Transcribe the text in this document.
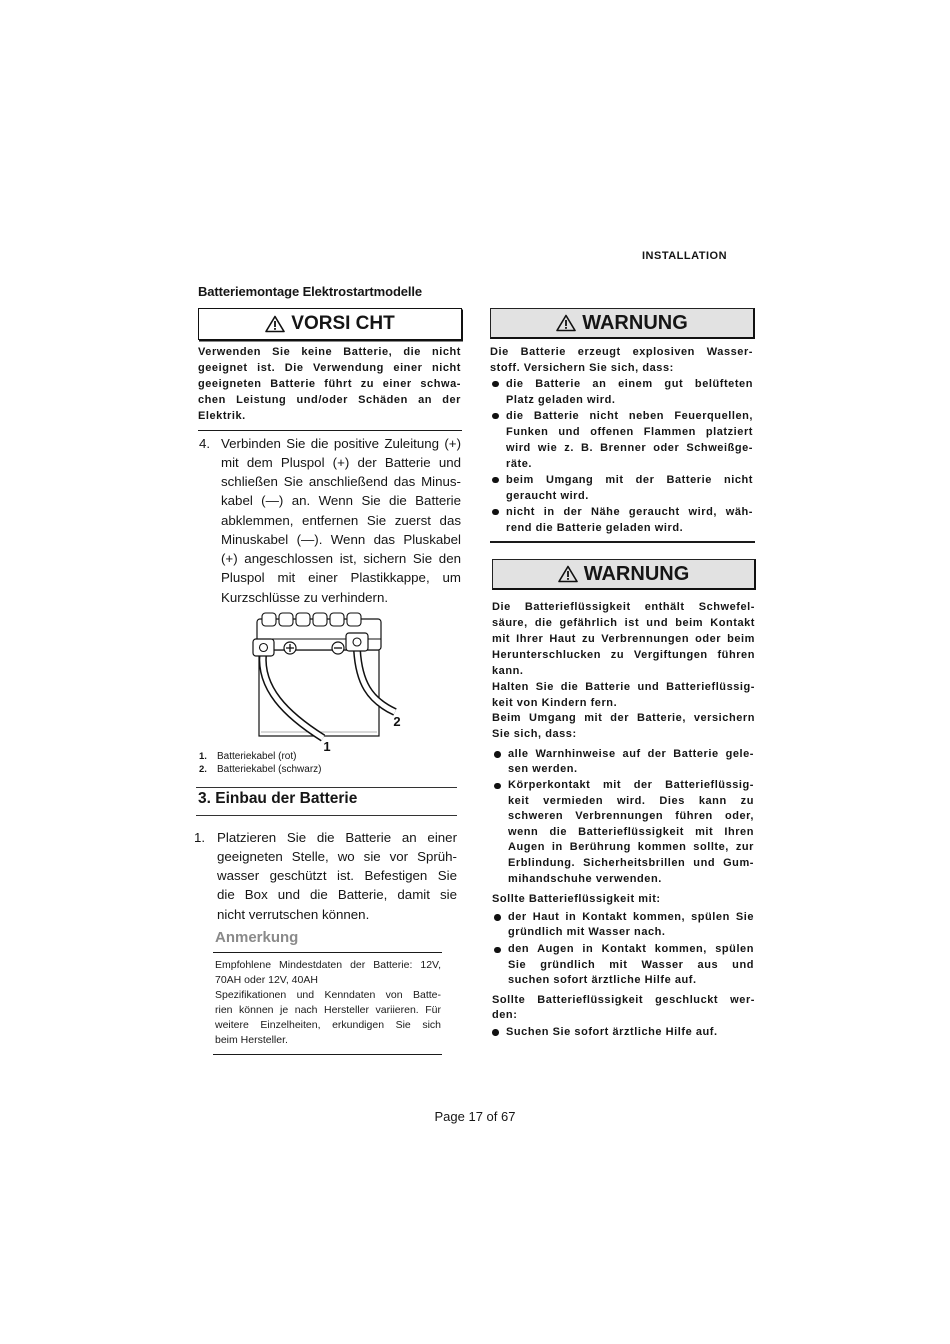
INSTALLATION
Batteriemontage Elektrostartmodelle
VORSI CHT
Verwenden Sie keine Batterie, die nicht
geeignet ist. Die Verwendung einer nicht
geeigneten Batterie führt zu einer schwa-
chen Leistung und/oder Schäden an der
Elektrik.
4. Verbinden Sie die positive Zuleitung (+)
mit dem Pluspol (+) der Batterie und
schließen Sie anschließend das Minus-
kabel (—) an. Wenn Sie die Batterie
abklemmen, entfernen Sie zuerst das
Minuskabel (—). Wenn das Pluskabel
(+) angeschlossen ist, sichern Sie den
Pluspol mit einer Plastikkappe, um
Kurzschlüsse zu verhindern.
1
2
1. Batteriekabel (rot)
2. Batteriekabel (schwarz)
3. Einbau der Batterie
1. Platzieren Sie die Batterie an einer
geeigneten Stelle, wo sie vor Sprüh-
wasser geschützt ist. Befestigen Sie
die Box und die Batterie, damit sie
nicht verrutschen können.
Anmerkung
Empfohlene Mindestdaten der Batterie: 12V,
70AH oder 12V, 40AH
Spezifikationen und Kenndaten von Batte-
rien können je nach Hersteller variieren. Für
weitere Einzelheiten, erkundigen Sie sich
beim Hersteller.
WARNUNG
Die Batterie erzeugt explosiven Wasser-
stoff. Versichern Sie sich, dass:
die Batterie an einem gut belüfteten
Platz geladen wird.
die Batterie nicht neben Feuerquellen,
Funken und offenen Flammen platziert
wird wie z. B. Brenner oder Schweißge-
räte.
beim Umgang mit der Batterie nicht
geraucht wird.
nicht in der Nähe geraucht wird, wäh-
rend die Batterie geladen wird.
WARNUNG
Die Batterieflüssigkeit enthält Schwefel-
säure, die gefährlich ist und beim Kontakt
mit Ihrer Haut zu Verbrennungen oder beim
Herunterschlucken zu Vergiftungen führen
kann.
Halten Sie die Batterie und Batterieflüssig-
keit von Kindern fern.
Beim Umgang mit der Batterie, versichern
Sie sich, dass:
alle Warnhinweise auf der Batterie gele-
sen werden.
Körperkontakt mit der Batterieflüssig-
keit vermieden wird. Dies kann zu
schweren Verbrennungen führen oder,
wenn die Batterieflüssigkeit mit Ihren
Augen in Berührung kommen sollte, zur
Erblindung. Sicherheitsbrillen und Gum-
mihandschuhe verwenden.
Sollte Batterieflüssigkeit mit:
der Haut in Kontakt kommen, spülen Sie
gründlich mit Wasser nach.
den Augen in Kontakt kommen, spülen
Sie gründlich mit Wasser aus und
suchen sofort ärztliche Hilfe auf.
Sollte Batterieflüssigkeit geschluckt wer-
den:
Suchen Sie sofort ärztliche Hilfe auf.
Page 17 of 67
